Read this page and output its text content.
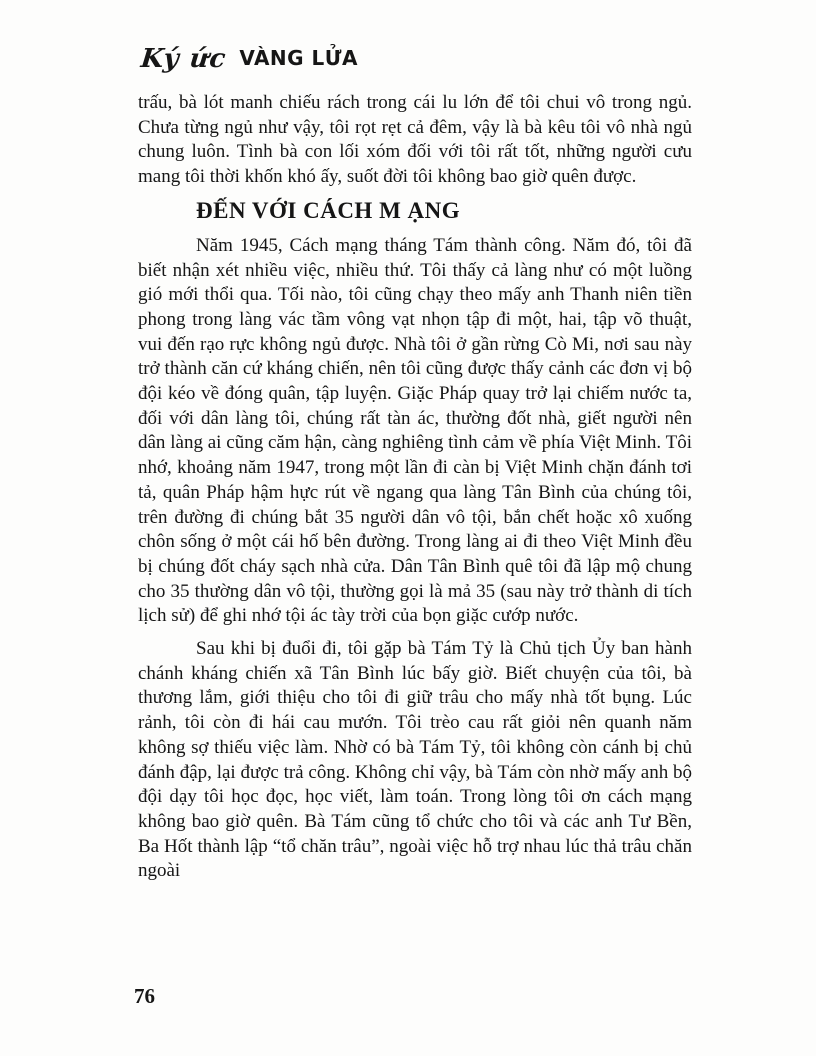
Ký ức VÀNG LỬA

trấu, bà lót manh chiếu rách trong cái lu lớn để tôi chui vô trong ngủ. Chưa từng ngủ như vậy, tôi rọt rẹt cả đêm, vậy là bà kêu tôi vô nhà ngủ chung luôn. Tình bà con lối xóm đối với tôi rất tốt, những người cưu mang tôi thời khốn khó ấy, suốt đời tôi không bao giờ quên được.

ĐẾN VỚI CÁCH M ẠNG

Năm 1945, Cách mạng tháng Tám thành công. Năm đó, tôi đã biết nhận xét nhiều việc, nhiều thứ. Tôi thấy cả làng như có một luồng gió mới thổi qua. Tối nào, tôi cũng chạy theo mấy anh Thanh niên tiền phong trong làng vác tầm vông vạt nhọn tập đi một, hai, tập võ thuật, vui đến rạo rực không ngủ được. Nhà tôi ở gần rừng Cò Mi, nơi sau này trở thành căn cứ kháng chiến, nên tôi cũng được thấy cảnh các đơn vị bộ đội kéo về đóng quân, tập luyện. Giặc Pháp quay trở lại chiếm nước ta, đối với dân làng tôi, chúng rất tàn ác, thường đốt nhà, giết người nên dân làng ai cũng căm hận, càng nghiêng tình cảm về phía Việt Minh. Tôi nhớ, khoảng năm 1947, trong một lần đi càn bị Việt Minh chặn đánh tơi tả, quân Pháp hậm hực rút về ngang qua làng Tân Bình của chúng tôi, trên đường đi chúng bắt 35 người dân vô tội, bắn chết hoặc xô xuống chôn sống ở một cái hố bên đường. Trong làng ai đi theo Việt Minh đều bị chúng đốt cháy sạch nhà cửa. Dân Tân Bình quê tôi đã lập mộ chung cho 35 thường dân vô tội, thường gọi là mả 35 (sau này trở thành di tích lịch sử) để ghi nhớ tội ác tày trời của bọn giặc cướp nước.

Sau khi bị đuổi đi, tôi gặp bà Tám Tỷ là Chủ tịch Ủy ban hành chánh kháng chiến xã Tân Bình lúc bấy giờ. Biết chuyện của tôi, bà thương lắm, giới thiệu cho tôi đi giữ trâu cho mấy nhà tốt bụng. Lúc rảnh, tôi còn đi hái cau mướn. Tôi trèo cau rất giỏi nên quanh năm không sợ thiếu việc làm. Nhờ có bà Tám Tỷ, tôi không còn cánh bị chủ đánh đập, lại được trả công. Không chỉ vậy, bà Tám còn nhờ mấy anh bộ đội dạy tôi học đọc, học viết, làm toán. Trong lòng tôi ơn cách mạng không bao giờ quên. Bà Tám cũng tổ chức cho tôi và các anh Tư Bền, Ba Hốt thành lập “tổ chăn trâu”, ngoài việc hỗ trợ nhau lúc thả trâu chăn ngoài

76
